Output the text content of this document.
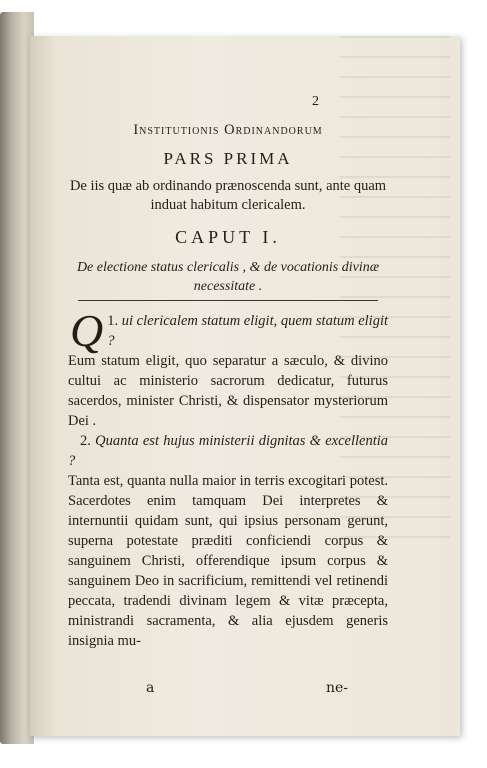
2
Institutionis Ordinandorum
PARS PRIMA
De iis quæ ab ordinando prænoscenda sunt, ante quam induat habitum clericalem.
CAPUT I.
De electione status clericalis , & de vocationis divinæ necessitate .

1.
Q ui clericalem statum eligit, quem statum eligit ?

Eum statum eligit, quo separatur a sæculo, & divino cultui ac ministerio sacrorum dedicatur, futurus sacerdos, minister Christi, & dispensator mysteriorum Dei .

2. Quanta est hujus ministerii dignitas & excellentia ?

Tanta est, quanta nulla maior in terris excogitari potest. Sacerdotes enim tamquam Dei interpretes & internuntii quidam sunt, qui ipsius personam gerunt, superna potestate præditi conficiendi corpus & sanguinem Christi, offerendique ipsum corpus & sanguinem Deo in sacrificium, remittendi vel retinendi peccata, tradendi divinam legem & vitæ præcepta, ministrandi sacramenta, & alia ejusdem generis insignia mu-

a	ne-
